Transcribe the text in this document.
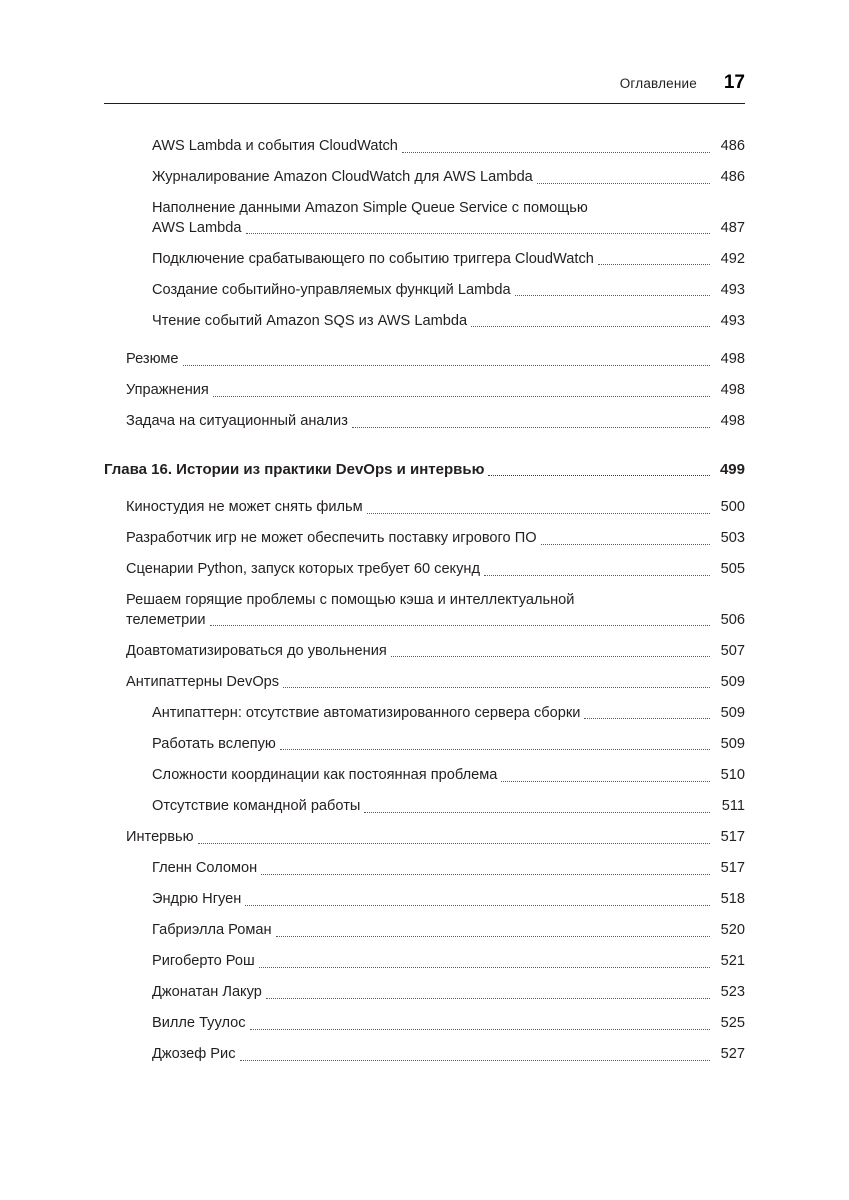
Оглавление 17
AWS Lambda и события CloudWatch	486
Журналирование Amazon CloudWatch для AWS Lambda	486
Наполнение данными Amazon Simple Queue Service с помощью
AWS Lambda	487
Подключение срабатывающего по событию триггера CloudWatch	492
Создание событийно-управляемых функций Lambda	493
Чтение событий Amazon SQS из AWS Lambda	493
Резюме	498
Упражнения	498
Задача на ситуационный анализ	498
Глава 16. Истории из практики DevOps и интервью	499
Киностудия не может снять фильм	500
Разработчик игр не может обеспечить поставку игрового ПО	503
Сценарии Python, запуск которых требует 60 секунд	505
Решаем горящие проблемы с помощью кэша и интеллектуальной
телеметрии	506
Доавтоматизироваться до увольнения	507
Антипаттерны DevOps	509
Антипаттерн: отсутствие автоматизированного сервера сборки	509
Работать вслепую	509
Сложности координации как постоянная проблема	510
Отсутствие командной работы	511
Интервью	517
Гленн Соломон	517
Эндрю Нгуен	518
Габриэлла Роман	520
Ригоберто Рош	521
Джонатан Лакур	523
Вилле Туулос	525
Джозеф Рис	527
